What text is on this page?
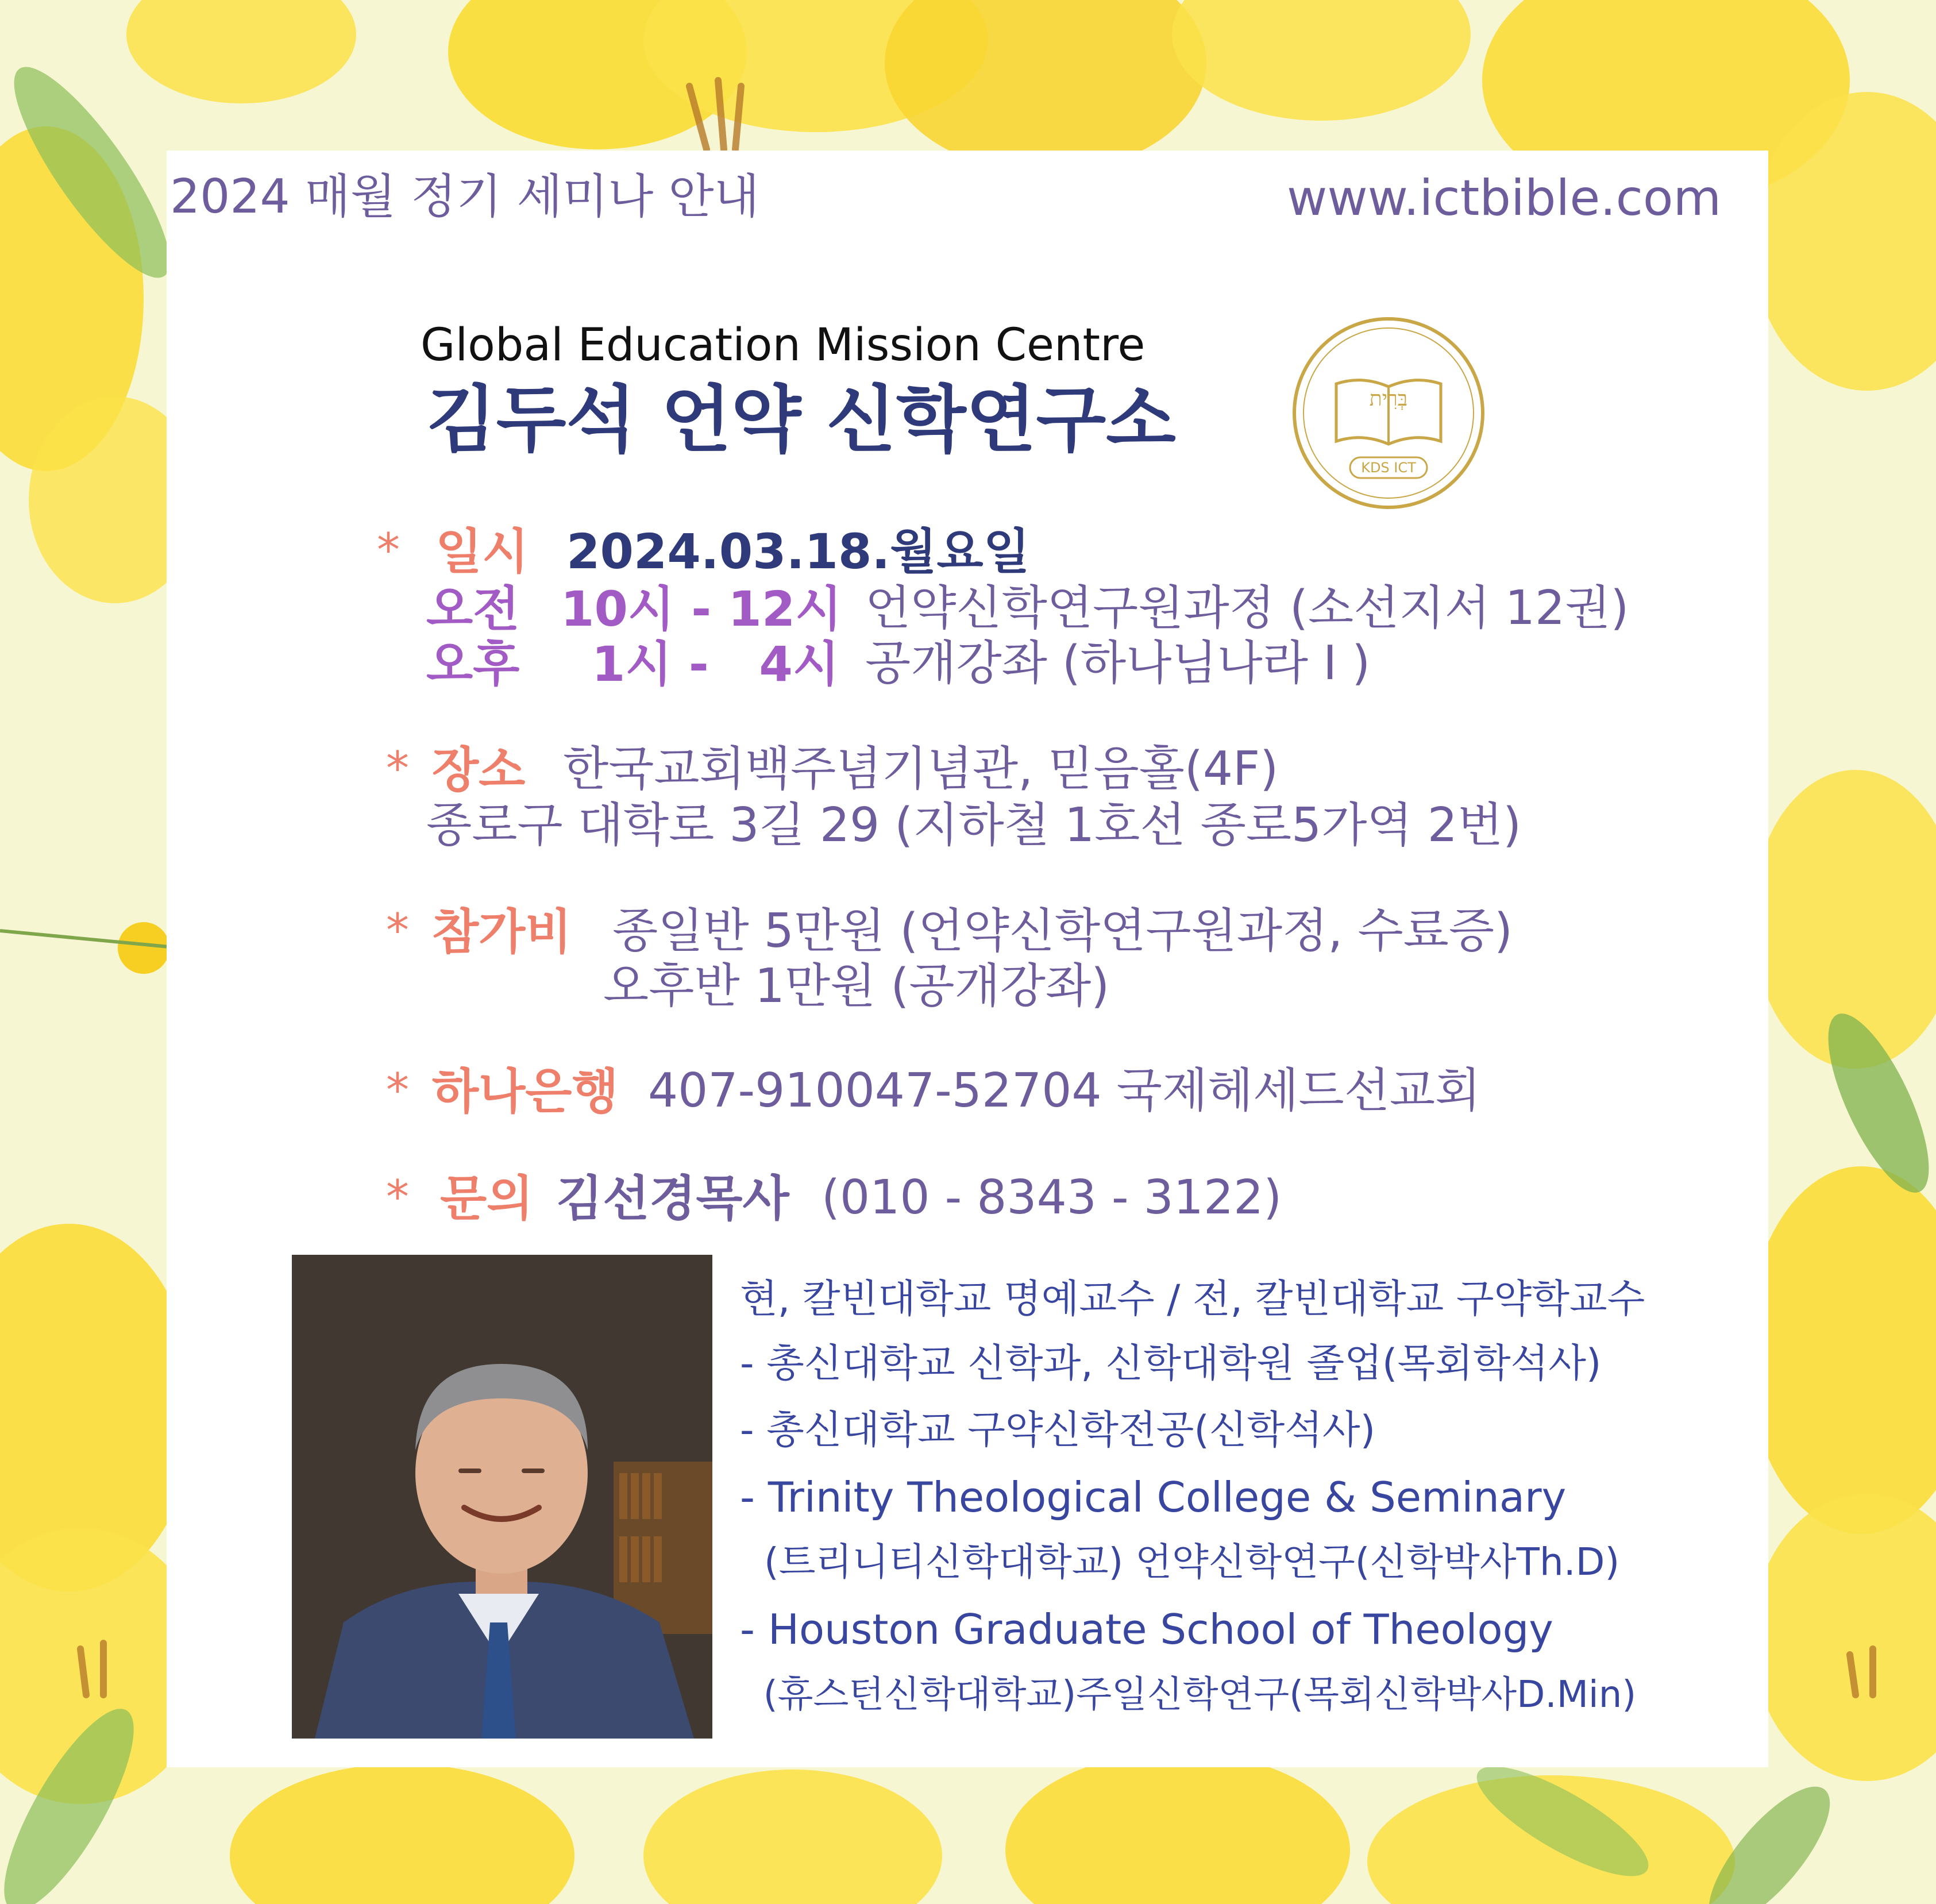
2024 매월 정기 세미나 안내	www.ictbible.com
Global Education Mission Centre
김두석 언약 신학연구소	בְּרִית
KDS ICT
* 일시 2024.03.18.월요일
오전 10시 - 12시 언약신학연구원과정 (소선지서 12권)
오후 1시 -   4시 공개강좌 (하나님나라 I )
* 장소 한국교회백주념기념관, 믿음홀(4F)
종로구 대학로 3길 29 (지하철 1호선 종로5가역 2번)
* 참가비 종일반 5만원 (언약신학연구원과정, 수료증)
오후반 1만원 (공개강좌)
* 하나은행 407-910047-52704 국제헤세드선교회
* 문의 김선경목사 (010 - 8343 - 3122)
현, 칼빈대학교 명예교수 / 전, 칼빈대학교 구약학교수
- 총신대학교 신학과, 신학대학원 졸업(목회학석사)
- 총신대학교 구약신학전공(신학석사)
- Trinity Theological College & Seminary
(트리니티신학대학교) 언약신학연구(신학박사Th.D)
- Houston Graduate School of Theology
(휴스턴신학대학교)주일신학연구(목회신학박사D.Min)
